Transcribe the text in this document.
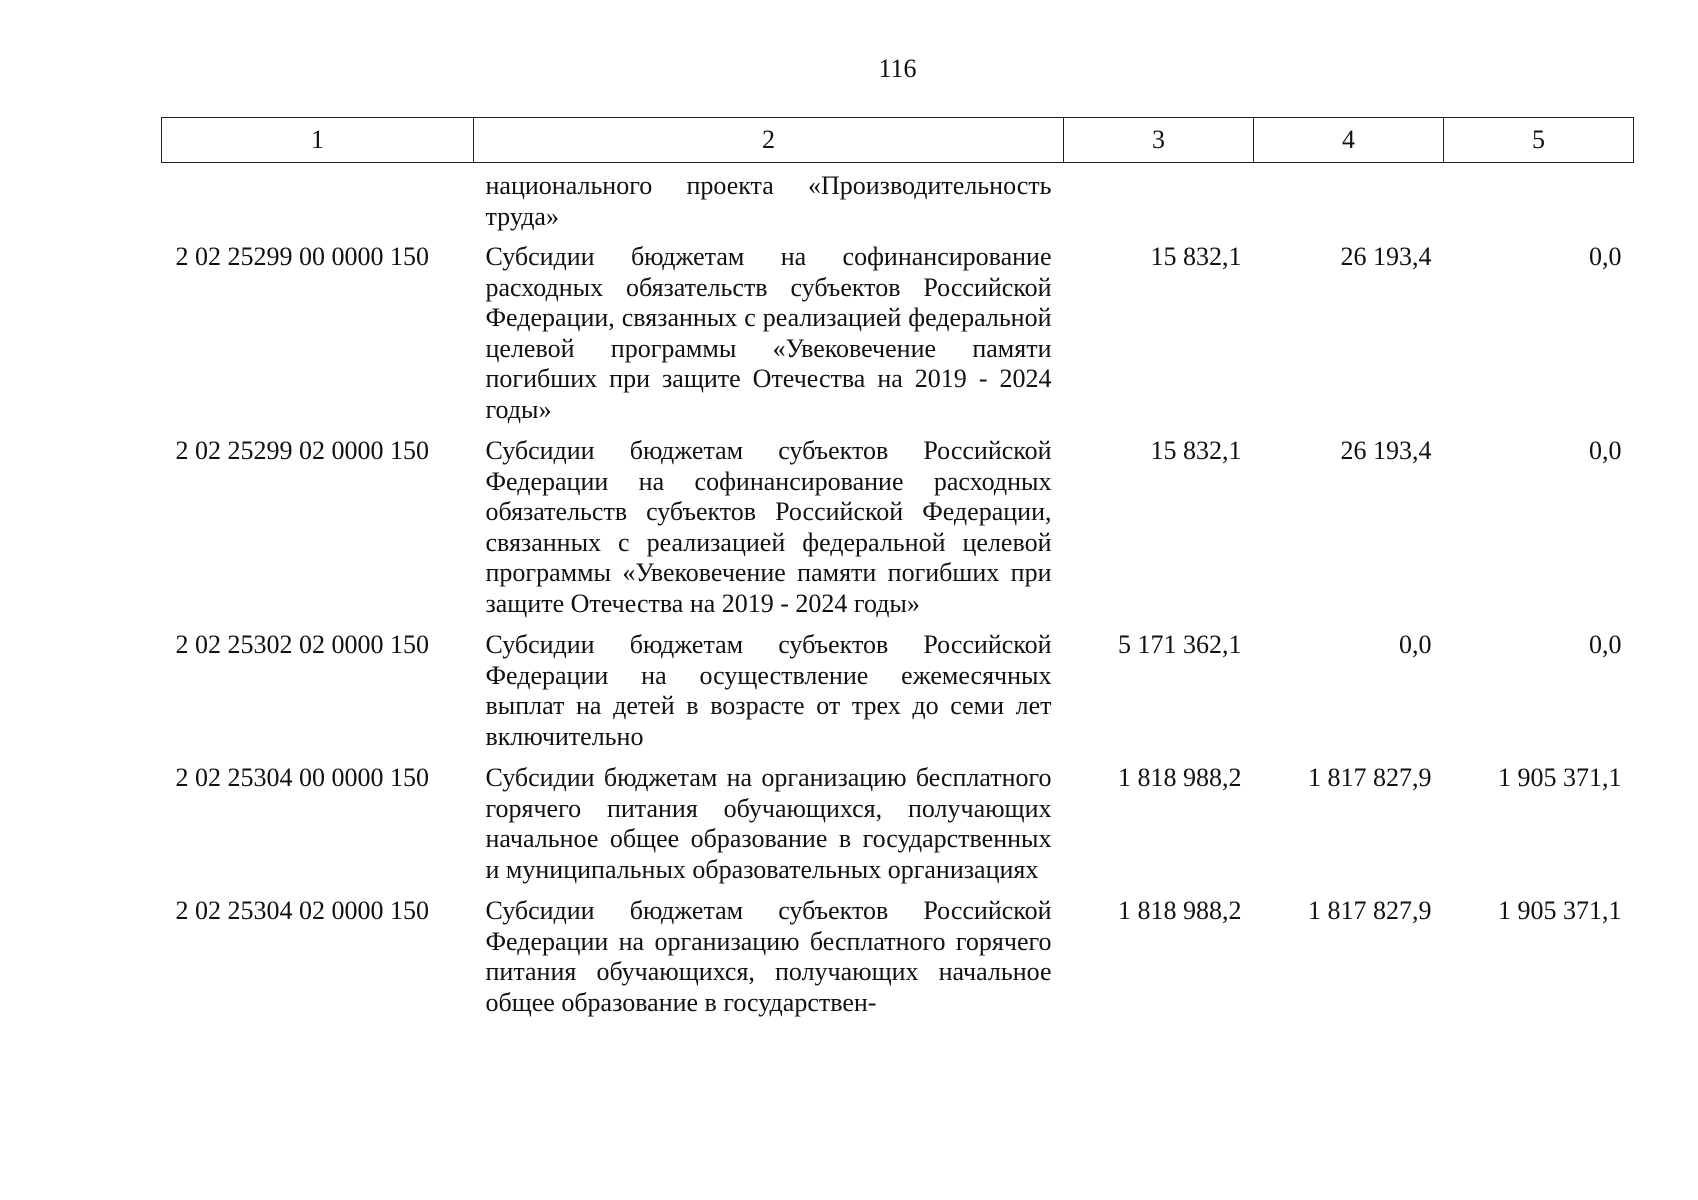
116
1	2	3	4	5
	национального проекта «Производительность труда»			
2 02 25299 00 0000 150	Субсидии бюджетам на софинансирование расходных обязательств субъектов Российской Федерации, связанных с реализацией федеральной целевой программы «Увековечение памяти погибших при защите Отечества на 2019 - 2024 годы»	15 832,1	26 193,4	0,0
2 02 25299 02 0000 150	Субсидии бюджетам субъектов Российской Федерации на софинансирование расходных обязательств субъектов Российской Федерации, связанных с реализацией федеральной целевой программы «Увековечение памяти погибших при защите Отечества на 2019 - 2024 годы»	15 832,1	26 193,4	0,0
2 02 25302 02 0000 150	Субсидии бюджетам субъектов Российской Федерации на осуществление ежемесячных выплат на детей в возрасте от трех до семи лет включительно	5 171 362,1	0,0	0,0
2 02 25304 00 0000 150	Субсидии бюджетам на организацию бесплатного горячего питания обучающихся, получающих начальное общее образование в государственных и муниципальных образовательных организациях	1 818 988,2	1 817 827,9	1 905 371,1
2 02 25304 02 0000 150	Субсидии бюджетам субъектов Российской Федерации на организацию бесплатного горячего питания обучающихся, получающих начальное общее образование в государствен-	1 818 988,2	1 817 827,9	1 905 371,1
